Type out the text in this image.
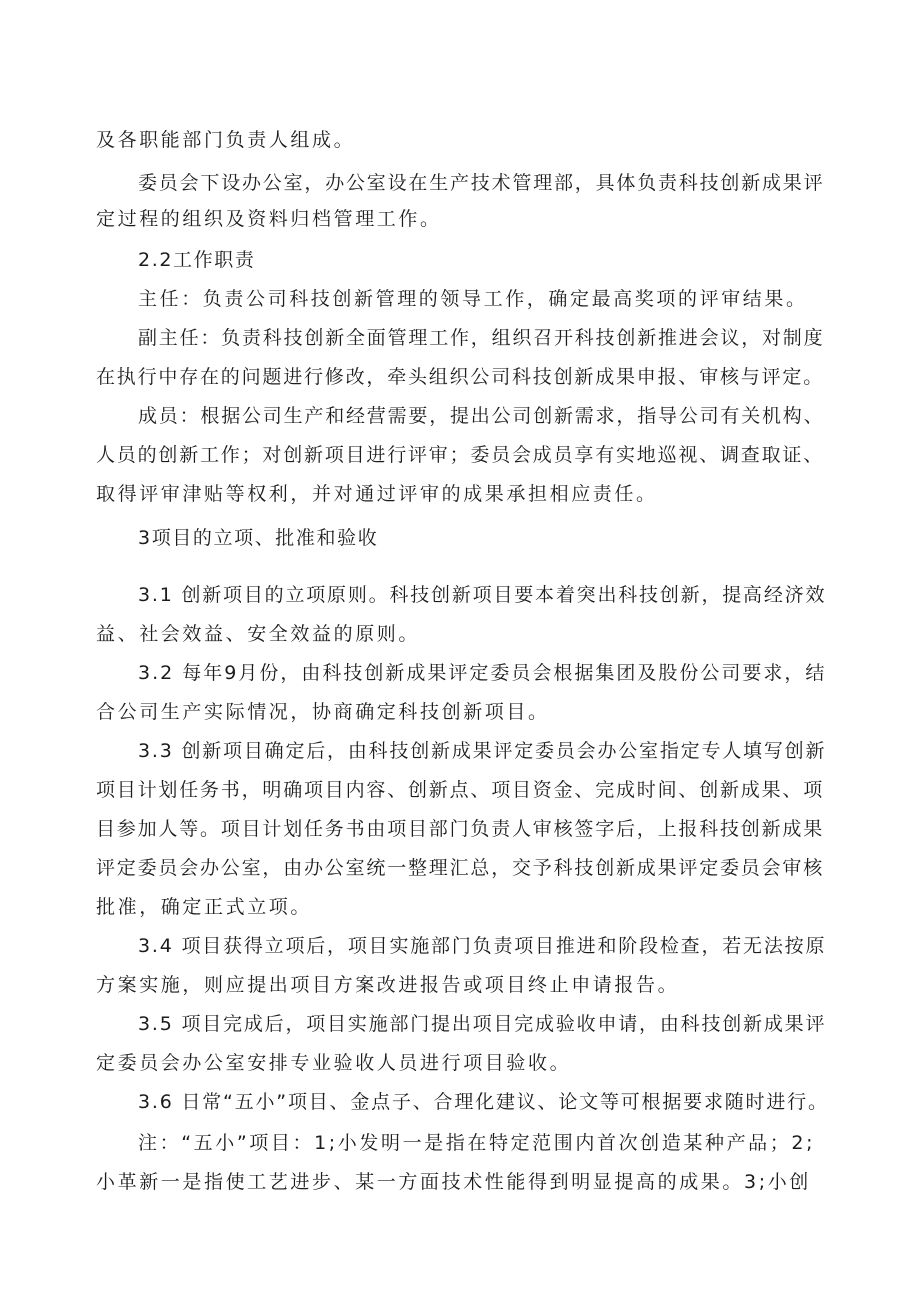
及各职能部门负责人组成。
委员会下设办公室，办公室设在生产技术管理部，具体负责科技创新成果评
定过程的组织及资料归档管理工作。
2.2工作职责
主任：负责公司科技创新管理的领导工作，确定最高奖项的评审结果。
副主任：负责科技创新全面管理工作，组织召开科技创新推进会议，对制度
在执行中存在的问题进行修改，牵头组织公司科技创新成果申报、审核与评定。
成员：根据公司生产和经营需要，提出公司创新需求，指导公司有关机构、
人员的创新工作；对创新项目进行评审；委员会成员享有实地巡视、调查取证、
取得评审津贴等权利，并对通过评审的成果承担相应责任。
3项目的立项、批准和验收
3.1 创新项目的立项原则。科技创新项目要本着突出科技创新，提高经济效
益、社会效益、安全效益的原则。
3.2 每年9月份，由科技创新成果评定委员会根据集团及股份公司要求，结
合公司生产实际情况，协商确定科技创新项目。
3.3 创新项目确定后，由科技创新成果评定委员会办公室指定专人填写创新
项目计划任务书，明确项目内容、创新点、项目资金、完成时间、创新成果、项
目参加人等。项目计划任务书由项目部门负责人审核签字后，上报科技创新成果
评定委员会办公室，由办公室统一整理汇总，交予科技创新成果评定委员会审核
批准，确定正式立项。
3.4 项目获得立项后，项目实施部门负责项目推进和阶段检查，若无法按原
方案实施，则应提出项目方案改进报告或项目终止申请报告。
3.5 项目完成后，项目实施部门提出项目完成验收申请，由科技创新成果评
定委员会办公室安排专业验收人员进行项目验收。
3.6 日常“五小”项目、金点子、合理化建议、论文等可根据要求随时进行。
注：“五小”项目：1;小发明一是指在特定范围内首次创造某种产品；2;
小革新一是指使工艺进步、某一方面技术性能得到明显提高的成果。3;小创
